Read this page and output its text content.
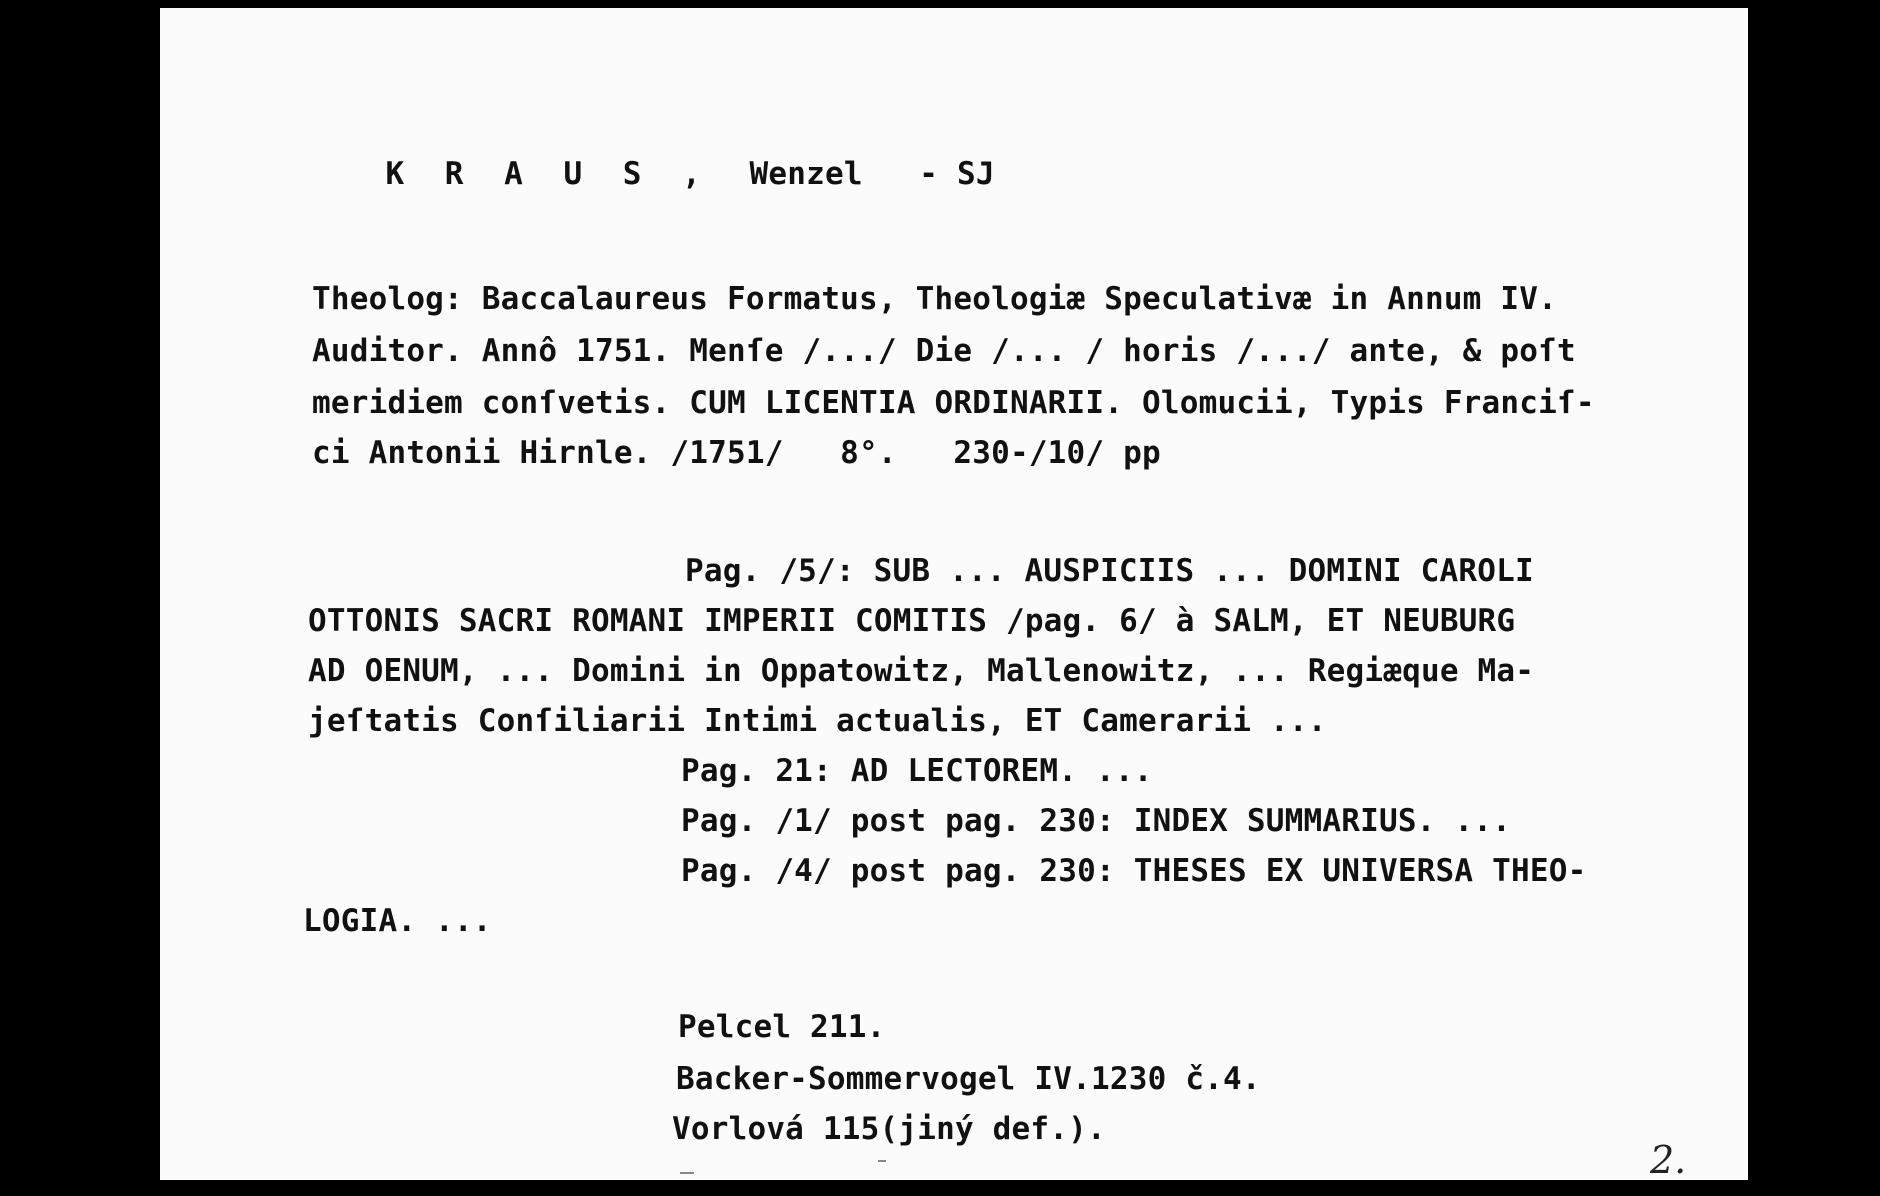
K R A U S , Wenzel - SJ

Theolog: Baccalaureus Formatus, Theologiæ Speculativæ in Annum IV.
Auditor. Annô 1751. Menſe /.../ Die /... / horis /.../ ante, & poſt
meridiem conſvetis. CUM LICENTIA ORDINARII. Olomucii, Typis Franciſ-
ci Antonii Hirnle. /1751/   8°.   230-/10/ pp
Pag. /5/: SUB ... AUSPICIIS ... DOMINI CAROLI
OTTONIS SACRI ROMANI IMPERII COMITIS /pag. 6/ à SALM, ET NEUBURG
AD OENUM, ... Domini in Oppatowitz, Mallenowitz, ... Regiæque Ma-
jeſtatis Conſiliarii Intimi actualis, ET Camerarii ...
Pag. 21: AD LECTOREM. ...
Pag. /1/ post pag. 230: INDEX SUMMARIUS. ...
Pag. /4/ post pag. 230: THESES EX UNIVERSA THEO-
LOGIA. ...
Pelcel 211.
Backer-Sommervogel IV.1230 č.4.
Vorlová 115(jiný def.).
2.
